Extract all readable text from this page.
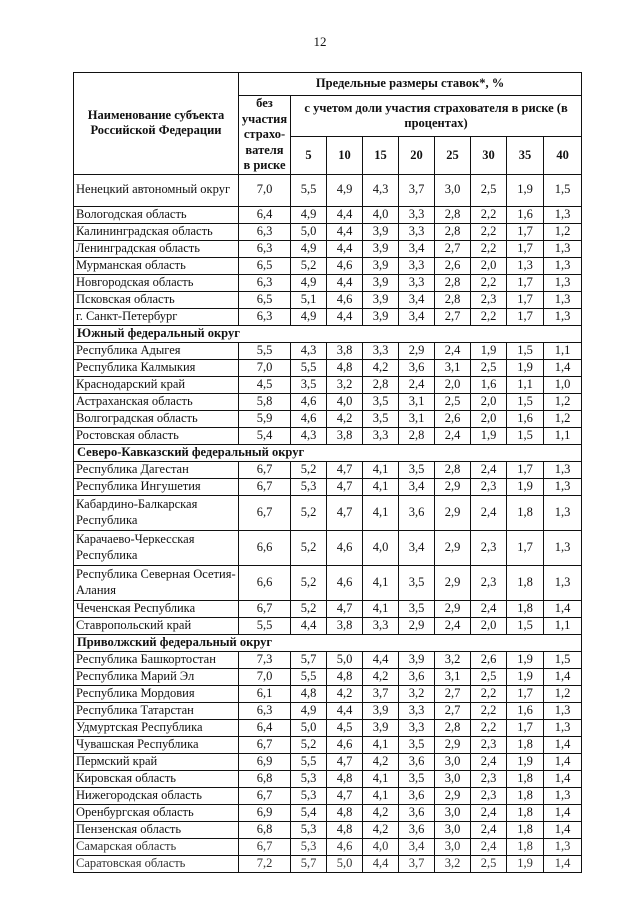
12
Наименование субъекта Российской Федерации	Предельные размеры ставок*, %								
	без участия страхо-вателя в риске	с учетом доли участия страхователя в риске (в процентах)							
		5	10	15	20	25	30	35	40
Ненецкий автономный округ	7,0	5,5	4,9	4,3	3,7	3,0	2,5	1,9	1,5
Вологодская область	6,4	4,9	4,4	4,0	3,3	2,8	2,2	1,6	1,3
Калининградская область	6,3	5,0	4,4	3,9	3,3	2,8	2,2	1,7	1,2
Ленинградская область	6,3	4,9	4,4	3,9	3,4	2,7	2,2	1,7	1,3
Мурманская область	6,5	5,2	4,6	3,9	3,3	2,6	2,0	1,3	1,3
Новгородская область	6,3	4,9	4,4	3,9	3,3	2,8	2,2	1,7	1,3
Псковская область	6,5	5,1	4,6	3,9	3,4	2,8	2,3	1,7	1,3
г. Санкт-Петербург	6,3	4,9	4,4	3,9	3,4	2,7	2,2	1,7	1,3
Южный федеральный округ									
Республика Адыгея	5,5	4,3	3,8	3,3	2,9	2,4	1,9	1,5	1,1
Республика Калмыкия	7,0	5,5	4,8	4,2	3,6	3,1	2,5	1,9	1,4
Краснодарский край	4,5	3,5	3,2	2,8	2,4	2,0	1,6	1,1	1,0
Астраханская область	5,8	4,6	4,0	3,5	3,1	2,5	2,0	1,5	1,2
Волгоградская область	5,9	4,6	4,2	3,5	3,1	2,6	2,0	1,6	1,2
Ростовская область	5,4	4,3	3,8	3,3	2,8	2,4	1,9	1,5	1,1
Северо-Кавказский федеральный округ									
Республика Дагестан	6,7	5,2	4,7	4,1	3,5	2,8	2,4	1,7	1,3
Республика Ингушетия	6,7	5,3	4,7	4,1	3,4	2,9	2,3	1,9	1,3
Кабардино-Балкарская Республика	6,7	5,2	4,7	4,1	3,6	2,9	2,4	1,8	1,3
Карачаево-Черкесская Республика	6,6	5,2	4,6	4,0	3,4	2,9	2,3	1,7	1,3
Республика Северная Осетия-Алания	6,6	5,2	4,6	4,1	3,5	2,9	2,3	1,8	1,3
Чеченская Республика	6,7	5,2	4,7	4,1	3,5	2,9	2,4	1,8	1,4
Ставропольский край	5,5	4,4	3,8	3,3	2,9	2,4	2,0	1,5	1,1
Приволжский федеральный округ									
Республика Башкортостан	7,3	5,7	5,0	4,4	3,9	3,2	2,6	1,9	1,5
Республика Марий Эл	7,0	5,5	4,8	4,2	3,6	3,1	2,5	1,9	1,4
Республика Мордовия	6,1	4,8	4,2	3,7	3,2	2,7	2,2	1,7	1,2
Республика Татарстан	6,3	4,9	4,4	3,9	3,3	2,7	2,2	1,6	1,3
Удмуртская Республика	6,4	5,0	4,5	3,9	3,3	2,8	2,2	1,7	1,3
Чувашская Республика	6,7	5,2	4,6	4,1	3,5	2,9	2,3	1,8	1,4
Пермский край	6,9	5,5	4,7	4,2	3,6	3,0	2,4	1,9	1,4
Кировская область	6,8	5,3	4,8	4,1	3,5	3,0	2,3	1,8	1,4
Нижегородская область	6,7	5,3	4,7	4,1	3,6	2,9	2,3	1,8	1,3
Оренбургская область	6,9	5,4	4,8	4,2	3,6	3,0	2,4	1,8	1,4
Пензенская область	6,8	5,3	4,8	4,2	3,6	3,0	2,4	1,8	1,4
Самарская область	6,7	5,3	4,6	4,0	3,4	3,0	2,4	1,8	1,3
Саратовская область	7,2	5,7	5,0	4,4	3,7	3,2	2,5	1,9	1,4
